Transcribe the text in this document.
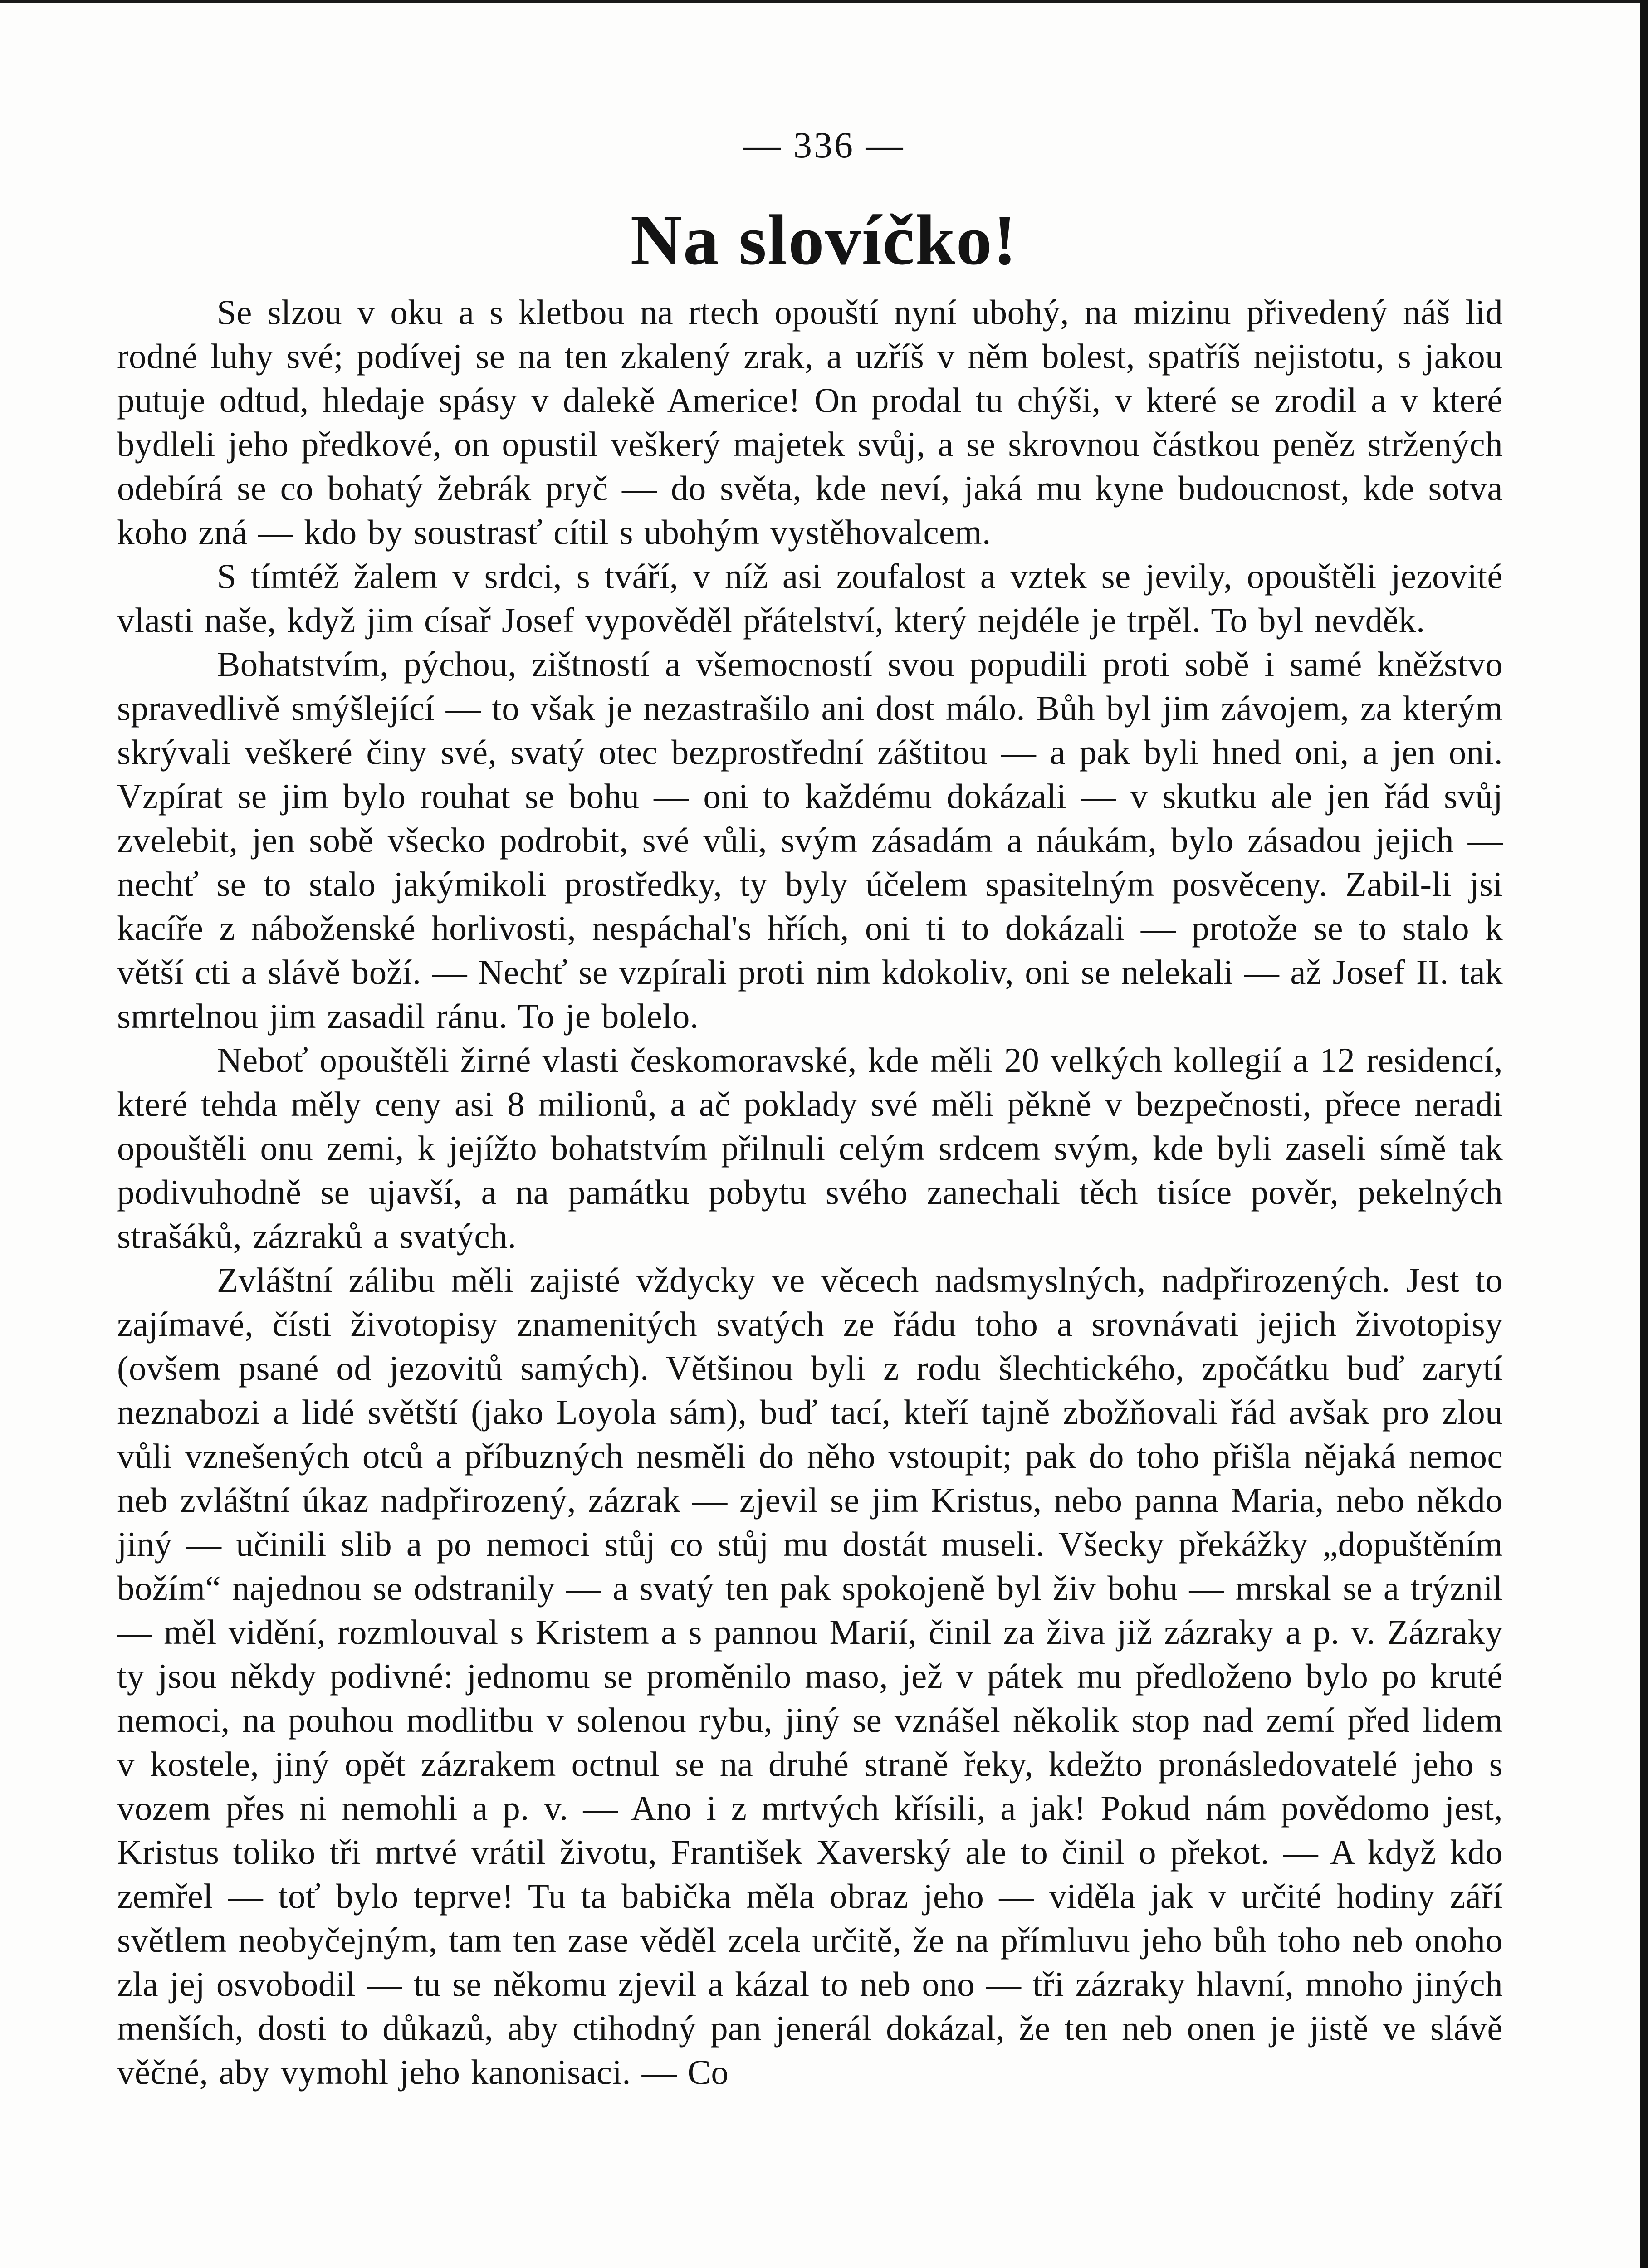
— 336 —
Na slovíčko!

Se slzou v oku a s kletbou na rtech opouští nyní ubohý, na mizinu přivedený náš lid rodné luhy své; podívej se na ten zkalený zrak, a uzříš v něm bolest, spatříš nejistotu, s jakou putuje odtud, hledaje spásy v dalekě Americe! On prodal tu chýši, v které se zrodil a v které bydleli jeho předkové, on opustil veškerý majetek svůj, a se skrovnou částkou peněz stržených odebírá se co bohatý žebrák pryč — do světa, kde neví, jaká mu kyne budoucnost, kde sotva koho zná — kdo by soustrasť cítil s ubohým vystěhovalcem.

S tímtéž žalem v srdci, s tváří, v níž asi zoufalost a vztek se jevily, opouštěli jezovité vlasti naše, když jim císař Josef vypověděl přátelství, který nejdéle je trpěl. To byl nevděk.

Bohatstvím, pýchou, zištností a všemocností svou popudili proti sobě i samé kněžstvo spravedlivě smýšlející — to však je nezastrašilo ani dost málo. Bůh byl jim závojem, za kterým skrývali veškeré činy své, svatý otec bezprostřední záštitou — a pak byli hned oni, a jen oni. Vzpírat se jim bylo rouhat se bohu — oni to každému dokázali — v skutku ale jen řád svůj zvelebit, jen sobě všecko podrobit, své vůli, svým zásadám a náukám, bylo zásadou jejich — nechť se to stalo jakýmikoli prostředky, ty byly účelem spasitelným posvěceny. Zabil-li jsi kacíře z náboženské horlivosti, nespáchal's hřích, oni ti to dokázali — protože se to stalo k větší cti a slávě boží. — Nechť se vzpírali proti nim kdokoliv, oni se nelekali — až Josef II. tak smrtelnou jim zasadil ránu. To je bolelo.

Neboť opouštěli žirné vlasti českomoravské, kde měli 20 velkých kollegií a 12 residencí, které tehda měly ceny asi 8 milionů, a ač poklady své měli pěkně v bezpečnosti, přece neradi opouštěli onu zemi, k jejížto bohatstvím přilnuli celým srdcem svým, kde byli zaseli símě tak podivuhodně se ujavší, a na památku pobytu svého zanechali těch tisíce pověr, pekelných strašáků, zázraků a svatých.

Zvláštní zálibu měli zajisté vždycky ve věcech nadsmyslných, nadpřirozených. Jest to zajímavé, čísti životopisy znamenitých svatých ze řádu toho a srovnávati jejich životopisy (ovšem psané od jezovitů samých). Většinou byli z rodu šlechtického, zpočátku buď zarytí neznabozi a lidé světští (jako Loyola sám), buď tací, kteří tajně zbožňovali řád avšak pro zlou vůli vznešených otců a příbuzných nesměli do něho vstoupit; pak do toho přišla nějaká nemoc neb zvláštní úkaz nadpřirozený, zázrak — zjevil se jim Kristus, nebo panna Maria, nebo někdo jiný — učinili slib a po nemoci stůj co stůj mu dostát museli. Všecky překážky „dopuštěním božím“ najednou se odstranily — a svatý ten pak spokojeně byl živ bohu — mrskal se a trýznil — měl vidění, rozmlouval s Kristem a s pannou Marií, činil za živa již zázraky a p. v. Zázraky ty jsou někdy podivné: jednomu se proměnilo maso, jež v pátek mu předloženo bylo po kruté nemoci, na pouhou modlitbu v solenou rybu, jiný se vznášel několik stop nad zemí před lidem v kostele, jiný opět zázrakem octnul se na druhé straně řeky, kdežto pronásledovatelé jeho s vozem přes ni nemohli a p. v. — Ano i z mrtvých křísili, a jak! Pokud nám povědomo jest, Kristus toliko tři mrtvé vrátil životu, František Xaverský ale to činil o překot. — A když kdo zemřel — toť bylo teprve! Tu ta babička měla obraz jeho — viděla jak v určité hodiny září světlem neobyčejným, tam ten zase věděl zcela určitě, že na přímluvu jeho bůh toho neb onoho zla jej osvobodil — tu se někomu zjevil a kázal to neb ono — tři zázraky hlavní, mnoho jiných menších, dosti to důkazů, aby ctihodný pan jenerál dokázal, že ten neb onen je jistě ve slávě věčné, aby vymohl jeho kanonisaci. — Co
